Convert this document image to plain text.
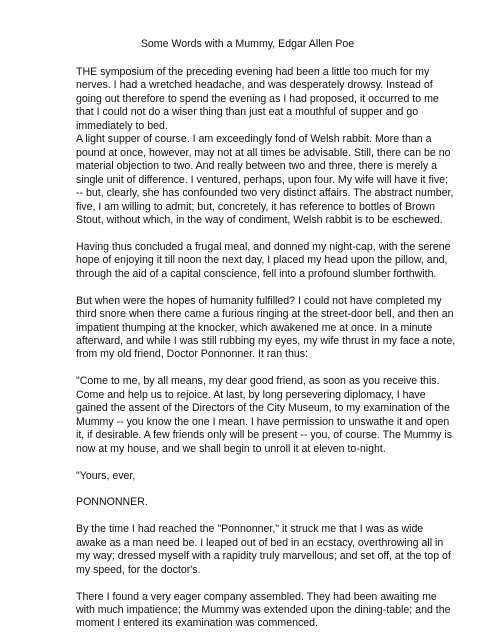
Some Words with a Mummy, Edgar Allen Poe
THE symposium of the preceding evening had been a little too much for my
nerves. I had a wretched headache, and was desperately drowsy. Instead of
going out therefore to spend the evening as I had proposed, it occurred to me
that I could not do a wiser thing than just eat a mouthful of supper and go
immediately to bed.
A light supper of course. I am exceedingly fond of Welsh rabbit. More than a
pound at once, however, may not at all times be advisable. Still, there can be no
material objection to two. And really between two and three, there is merely a
single unit of difference. I ventured, perhaps, upon four. My wife will have it five;
-- but, clearly, she has confounded two very distinct affairs. The abstract number,
five, I am willing to admit; but, concretely, it has reference to bottles of Brown
Stout, without which, in the way of condiment, Welsh rabbit is to be eschewed.
Having thus concluded a frugal meal, and donned my night-cap, with the serene
hope of enjoying it till noon the next day, I placed my head upon the pillow, and,
through the aid of a capital conscience, fell into a profound slumber forthwith.
But when were the hopes of humanity fulfilled? I could not have completed my
third snore when there came a furious ringing at the street-door bell, and then an
impatient thumping at the knocker, which awakened me at once. In a minute
afterward, and while I was still rubbing my eyes, my wife thrust in my face a note,
from my old friend, Doctor Ponnonner. It ran thus:
"Come to me, by all means, my dear good friend, as soon as you receive this.
Come and help us to rejoice. At last, by long persevering diplomacy, I have
gained the assent of the Directors of the City Museum, to my examination of the
Mummy -- you know the one I mean. I have permission to unswathe it and open
it, if desirable. A few friends only will be present -- you, of course. The Mummy is
now at my house, and we shall begin to unroll it at eleven to-night.
"Yours, ever,
PONNONNER.
By the time I had reached the "Ponnonner," it struck me that I was as wide
awake as a man need be. I leaped out of bed in an ecstacy, overthrowing all in
my way; dressed myself with a rapidity truly marvellous; and set off, at the top of
my speed, for the doctor's.
There I found a very eager company assembled. They had been awaiting me
with much impatience; the Mummy was extended upon the dining-table; and the
moment I entered its examination was commenced.
